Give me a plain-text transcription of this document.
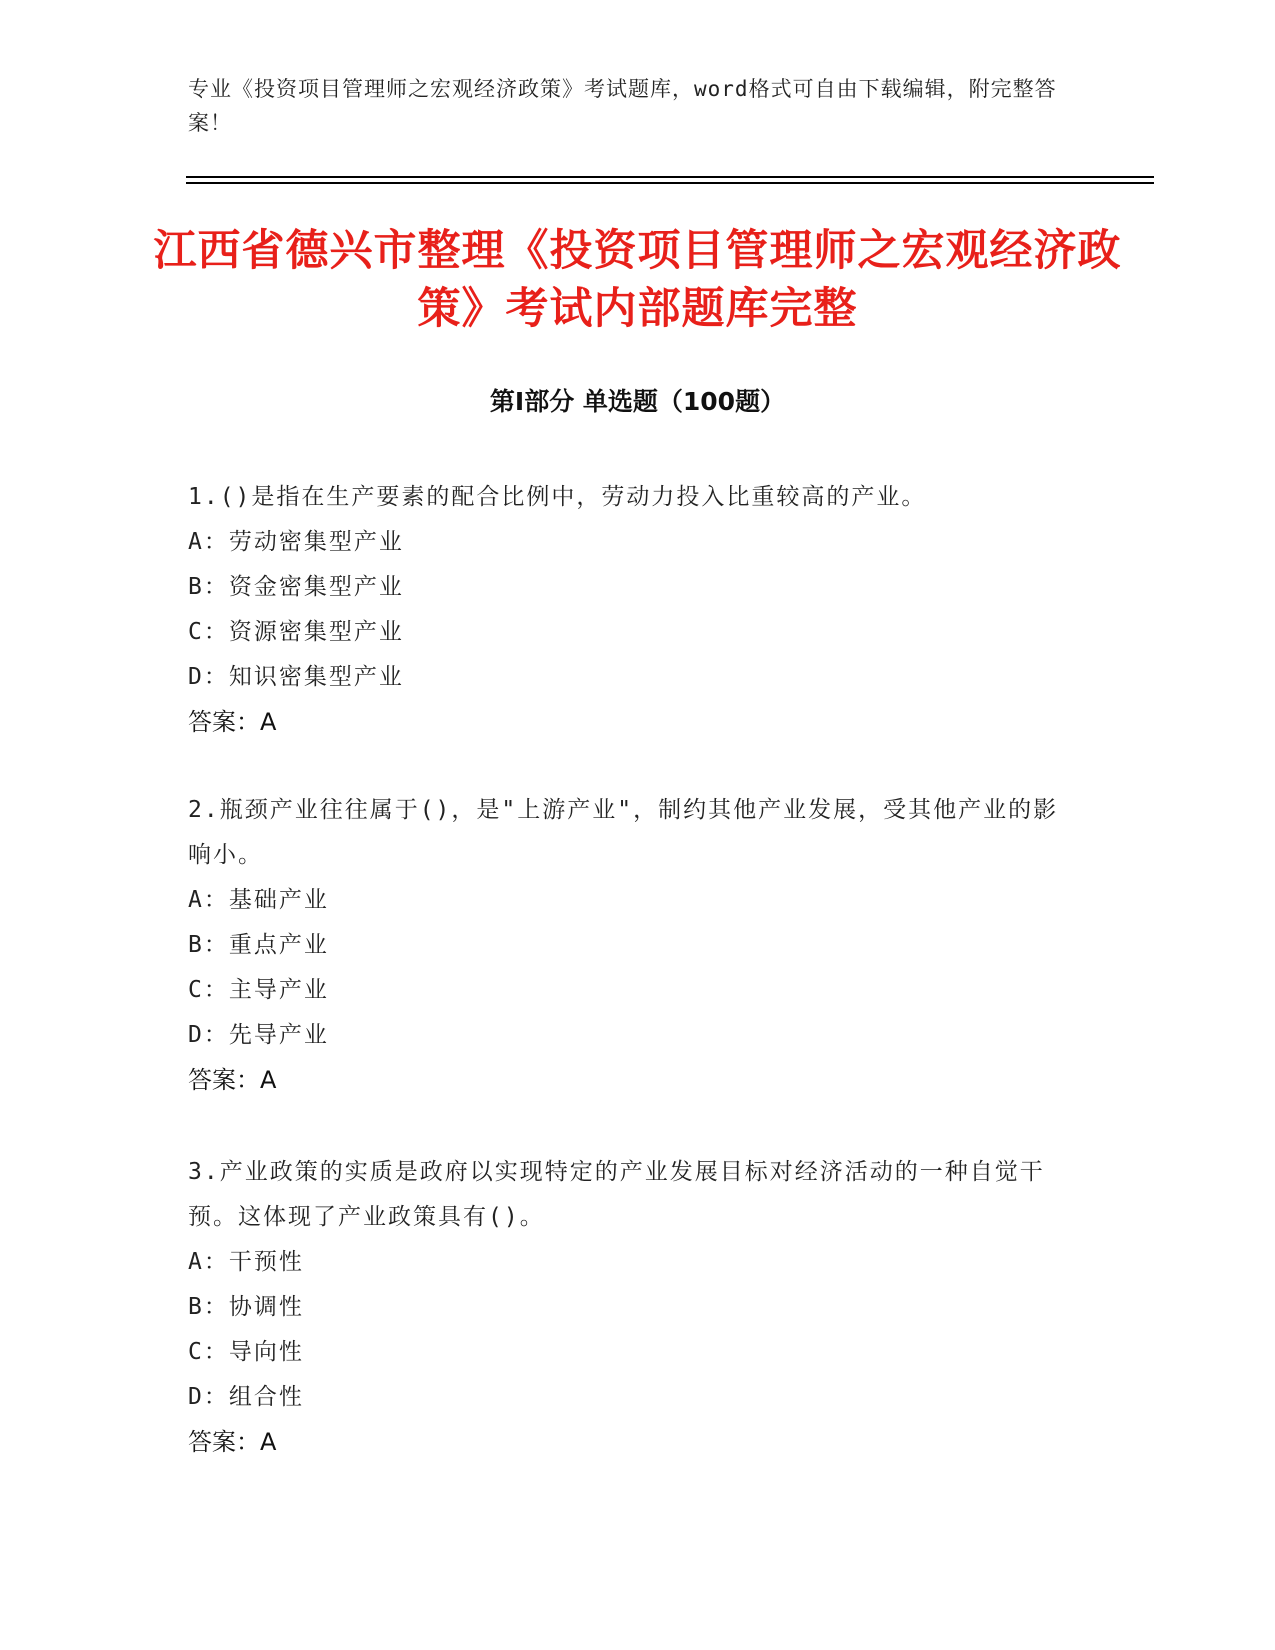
专业《投资项目管理师之宏观经济政策》考试题库，word格式可自由下载编辑，附完整答案！
江西省德兴市整理《投资项目管理师之宏观经济政策》考试内部题库完整
第Ⅰ部分 单选题（100题）
1.()是指在生产要素的配合比例中，劳动力投入比重较高的产业。
A：劳动密集型产业
B：资金密集型产业
C：资源密集型产业
D：知识密集型产业
答案：A
2.瓶颈产业往往属于()，是"上游产业"，制约其他产业发展，受其他产业的影响小。
A：基础产业
B：重点产业
C：主导产业
D：先导产业
答案：A
3.产业政策的实质是政府以实现特定的产业发展目标对经济活动的一种自觉干预。这体现了产业政策具有()。
A：干预性
B：协调性
C：导向性
D：组合性
答案：A
